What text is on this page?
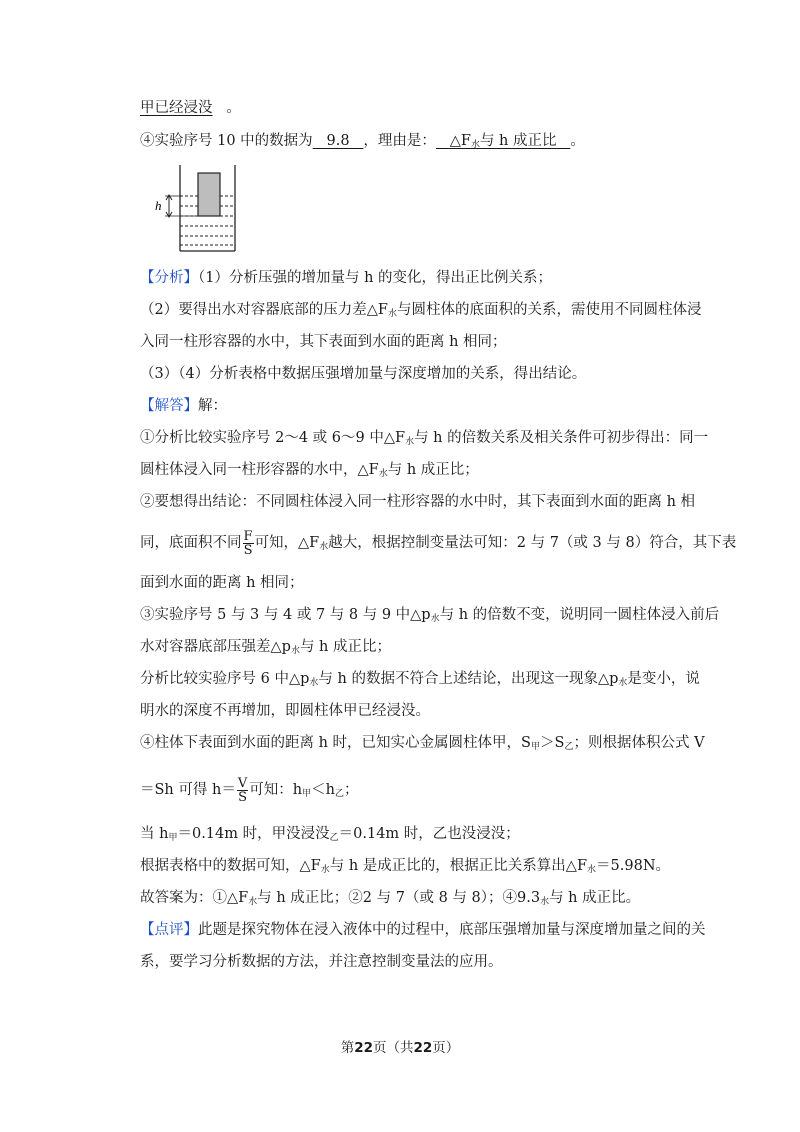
甲已经浸没 。
④实验序号 10 中的数据为 9.8 ，理由是： $\triangle F_水$与 h 成正比 。
h
【分析】（1）分析压强的增加量与 h 的变化，得出正比例关系；
（2）要得出水对容器底部的压力差$\triangle F_水$与圆柱体的底面积的关系，需使用不同圆柱体浸
入同一柱形容器的水中，其下表面到水面的距离 h 相同；
（3）（4）分析表格中数据压强增加量与深度增加的关系，得出结论。
【解答】解：
①分析比较实验序号 2～4 或 6～9 中$\triangle F_水$与 h 的倍数关系及相关条件可初步得出：同一
圆柱体浸入同一柱形容器的水中，$\triangle F_水$与 h 成正比；
②要想得出结论：不同圆柱体浸入同一柱形容器的水中时，其下表面到水面的距离 h 相
同，底面积不同 $\frac{F}{S}$ 可知，$\triangle F_水$越大，根据控制变量法可知：2 与 7（或 3 与 8）符合，其下表
面到水面的距离 h 相同；
③实验序号 5 与 3 与 4 或 7 与 8 与 9 中$\triangle p_水$与 h 的倍数不变，说明同一圆柱体浸入前后
水对容器底部压强差$\triangle p_水$与 h 成正比；
分析比较实验序号 6 中$\triangle p_水$与 h 的数据不符合上述结论，出现这一现象$\triangle p_水$是变小，说
明水的深度不再增加，即圆柱体甲已经浸没。
④柱体下表面到水面的距离 h 时，已知实心金属圆柱体甲，$S_甲>S_乙$；则根据体积公式 V
＝Sh 可得 $h= \frac{V}{S}$ 可知：$h_甲<h_乙$；
当 $h_甲=0.14m$ 时，甲没浸没$_乙$＝0.14m 时，乙也没浸没；
根据表格中的数据可知，$\triangle F_水$与 h 是成正比的，根据正比关系算出$\triangle F_水=5.98N$。
故答案为：$①\triangle F_水$与 h 成正比；②2 与 7（或 8 与 8）；$④9.3_水$与 h 成正比。
【点评】此题是探究物体在浸入液体中的过程中，底部压强增加量与深度增加量之间的关
系，要学习分析数据的方法，并注意控制变量法的应用。
第22页（共22页）
